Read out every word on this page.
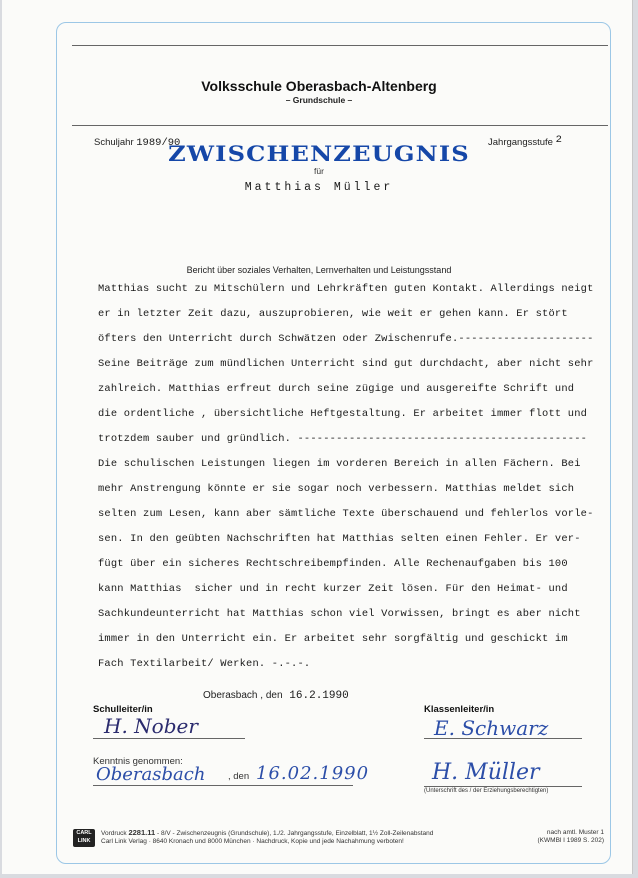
Volksschule Oberasbach-Altenberg
– Grundschule –
Schuljahr 1989/90	Jahrgangsstufe 2
ZWISCHENZEUGNIS
für
Matthias Müller
Bericht über soziales Verhalten, Lernverhalten und Leistungsstand
Matthias sucht zu Mitschülern und Lehrkräften guten Kontakt. Allerdings neigt
er in letzter Zeit dazu, auszuprobieren, wie weit er gehen kann. Er stört
öfters den Unterricht durch Schwätzen oder Zwischenrufe.---------------------
Seine Beiträge zum mündlichen Unterricht sind gut durchdacht, aber nicht sehr
zahlreich. Matthias erfreut durch seine zügige und ausgereifte Schrift und
die ordentliche , übersichtliche Heftgestaltung. Er arbeitet immer flott und
trotzdem sauber und gründlich. ---------------------------------------------
Die schulischen Leistungen liegen im vorderen Bereich in allen Fächern. Bei
mehr Anstrengung könnte er sie sogar noch verbessern. Matthias meldet sich
selten zum Lesen, kann aber sämtliche Texte überschauend und fehlerlos vorle-
sen. In den geübten Nachschriften hat Matthias selten einen Fehler. Er ver-
fügt über ein sicheres Rechtschreibempfinden. Alle Rechenaufgaben bis 100
kann Matthias  sicher und in recht kurzer Zeit lösen. Für den Heimat- und
Sachkundeunterricht hat Matthias schon viel Vorwissen, bringt es aber nicht
immer in den Unterricht ein. Er arbeitet sehr sorgfältig und geschickt im
Fach Textilarbeit/ Werken. -.-.-.
Oberasbach , den 16.2.1990
Schulleiter/in
H. Nober
Klassenleiter/in
E. Schwarz
Kenntnis genommen:
Oberasbach , den 16.02.1990	H. Müller
(Unterschrift des / der Erziehungsberechtigten)
CARL
LINK
Vordruck 2281.11 - 8/V - Zwischenzeugnis (Grundschule), 1./2. Jahrgangsstufe, Einzelblatt, 1½ Zoll-Zeilenabstand
Carl Link Verlag · 8640 Kronach und 8000 München · Nachdruck, Kopie und jede Nachahmung verboten!
nach amtl. Muster 1
(KWMBl I 1989 S. 202)
